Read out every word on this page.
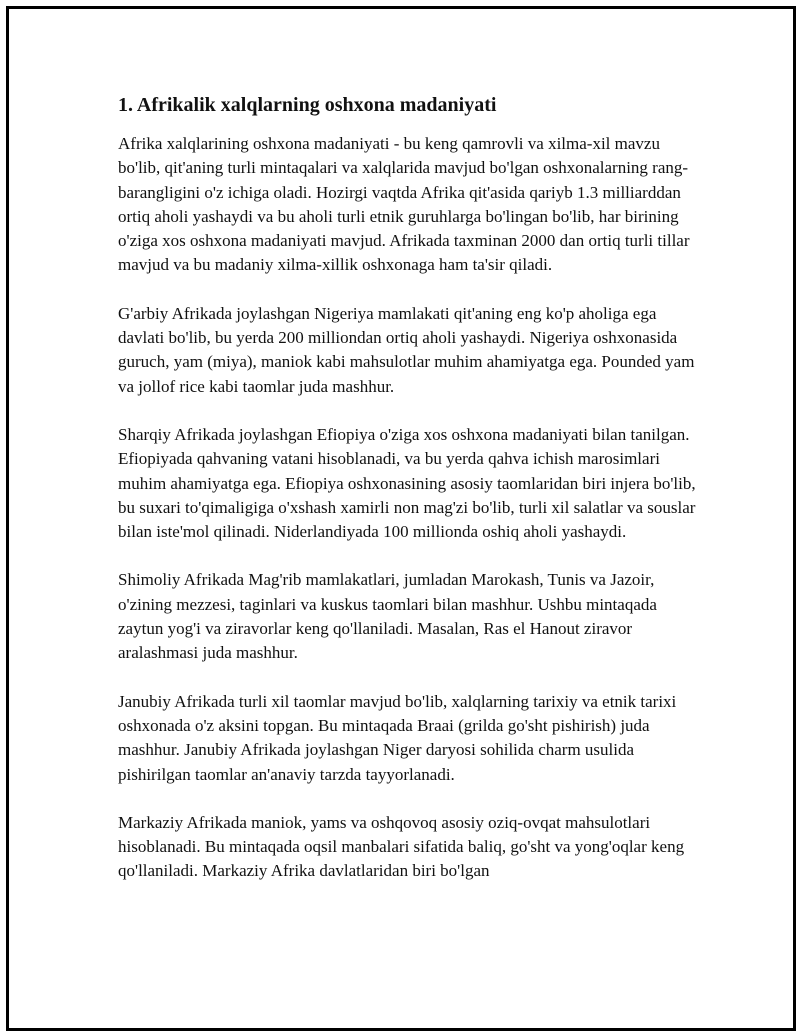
1. Afrikalik xalqlarning oshxona madaniyati

Afrika xalqlarining oshxona madaniyati - bu keng qamrovli va xilma-xil mavzu bo'lib, qit'aning turli mintaqalari va xalqlarida mavjud bo'lgan oshxonalarning rang-barangligini o'z ichiga oladi. Hozirgi vaqtda Afrika qit'asida qariyb 1.3 milliarddan ortiq aholi yashaydi va bu aholi turli etnik guruhlarga bo'lingan bo'lib, har birining o'ziga xos oshxona madaniyati mavjud. Afrikada taxminan 2000 dan ortiq turli tillar mavjud va bu madaniy xilma-xillik oshxonaga ham ta'sir qiladi.

G'arbiy Afrikada joylashgan Nigeriya mamlakati qit'aning eng ko'p aholiga ega davlati bo'lib, bu yerda 200 milliondan ortiq aholi yashaydi. Nigeriya oshxonasida guruch, yam (miya), maniok kabi mahsulotlar muhim ahamiyatga ega. Pounded yam va jollof rice kabi taomlar juda mashhur.

Sharqiy Afrikada joylashgan Efiopiya o'ziga xos oshxona madaniyati bilan tanilgan. Efiopiyada qahvaning vatani hisoblanadi, va bu yerda qahva ichish marosimlari muhim ahamiyatga ega. Efiopiya oshxonasining asosiy taomlaridan biri injera bo'lib, bu suxari to'qimaligiga o'xshash xamirli non mag'zi bo'lib, turli xil salatlar va souslar bilan iste'mol qilinadi. Niderlandiyada 100 millionda oshiq aholi yashaydi.

Shimoliy Afrikada Mag'rib mamlakatlari, jumladan Marokash, Tunis va Jazoir, o'zining mezzesi, taginlari va kuskus taomlari bilan mashhur. Ushbu mintaqada zaytun yog'i va ziravorlar keng qo'llaniladi. Masalan, Ras el Hanout ziravor aralashmasi juda mashhur.

Janubiy Afrikada turli xil taomlar mavjud bo'lib, xalqlarning tarixiy va etnik tarixi oshxonada o'z aksini topgan. Bu mintaqada Braai (grilda go'sht pishirish) juda mashhur. Janubiy Afrikada joylashgan Niger daryosi sohilida charm usulida pishirilgan taomlar an'anaviy tarzda tayyorlanadi.

Markaziy Afrikada maniok, yams va oshqovoq asosiy oziq-ovqat mahsulotlari hisoblanadi. Bu mintaqada oqsil manbalari sifatida baliq, go'sht va yong'oqlar keng qo'llaniladi. Markaziy Afrika davlatlaridan biri bo'lgan
